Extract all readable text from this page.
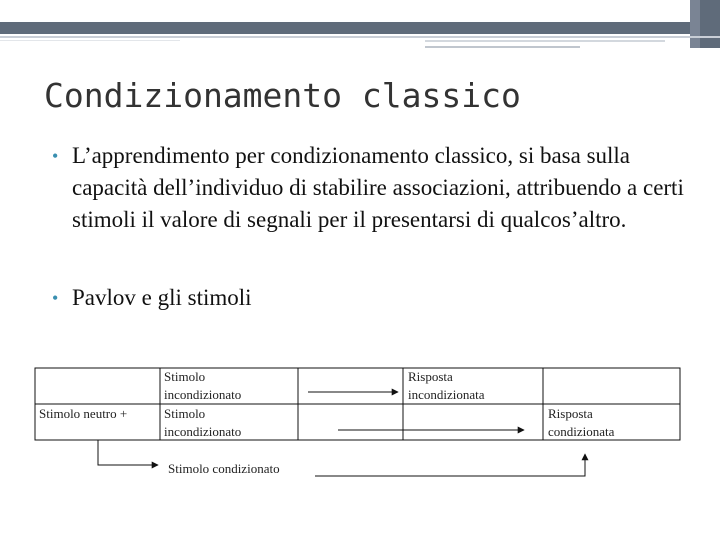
Condizionamento classico
• L’apprendimento per condizionamento classico, si basa sulla capacità dell’individuo di stabilire associazioni, attribuendo a certi stimoli il valore di segnali per il presentarsi di qualcos’altro.
• Pavlov e gli stimoli
Stimolo
incondizionato
Risposta
incondizionata
Stimolo neutro +	Stimolo
incondizionato
Risposta
condizionata
Stimolo condizionato
